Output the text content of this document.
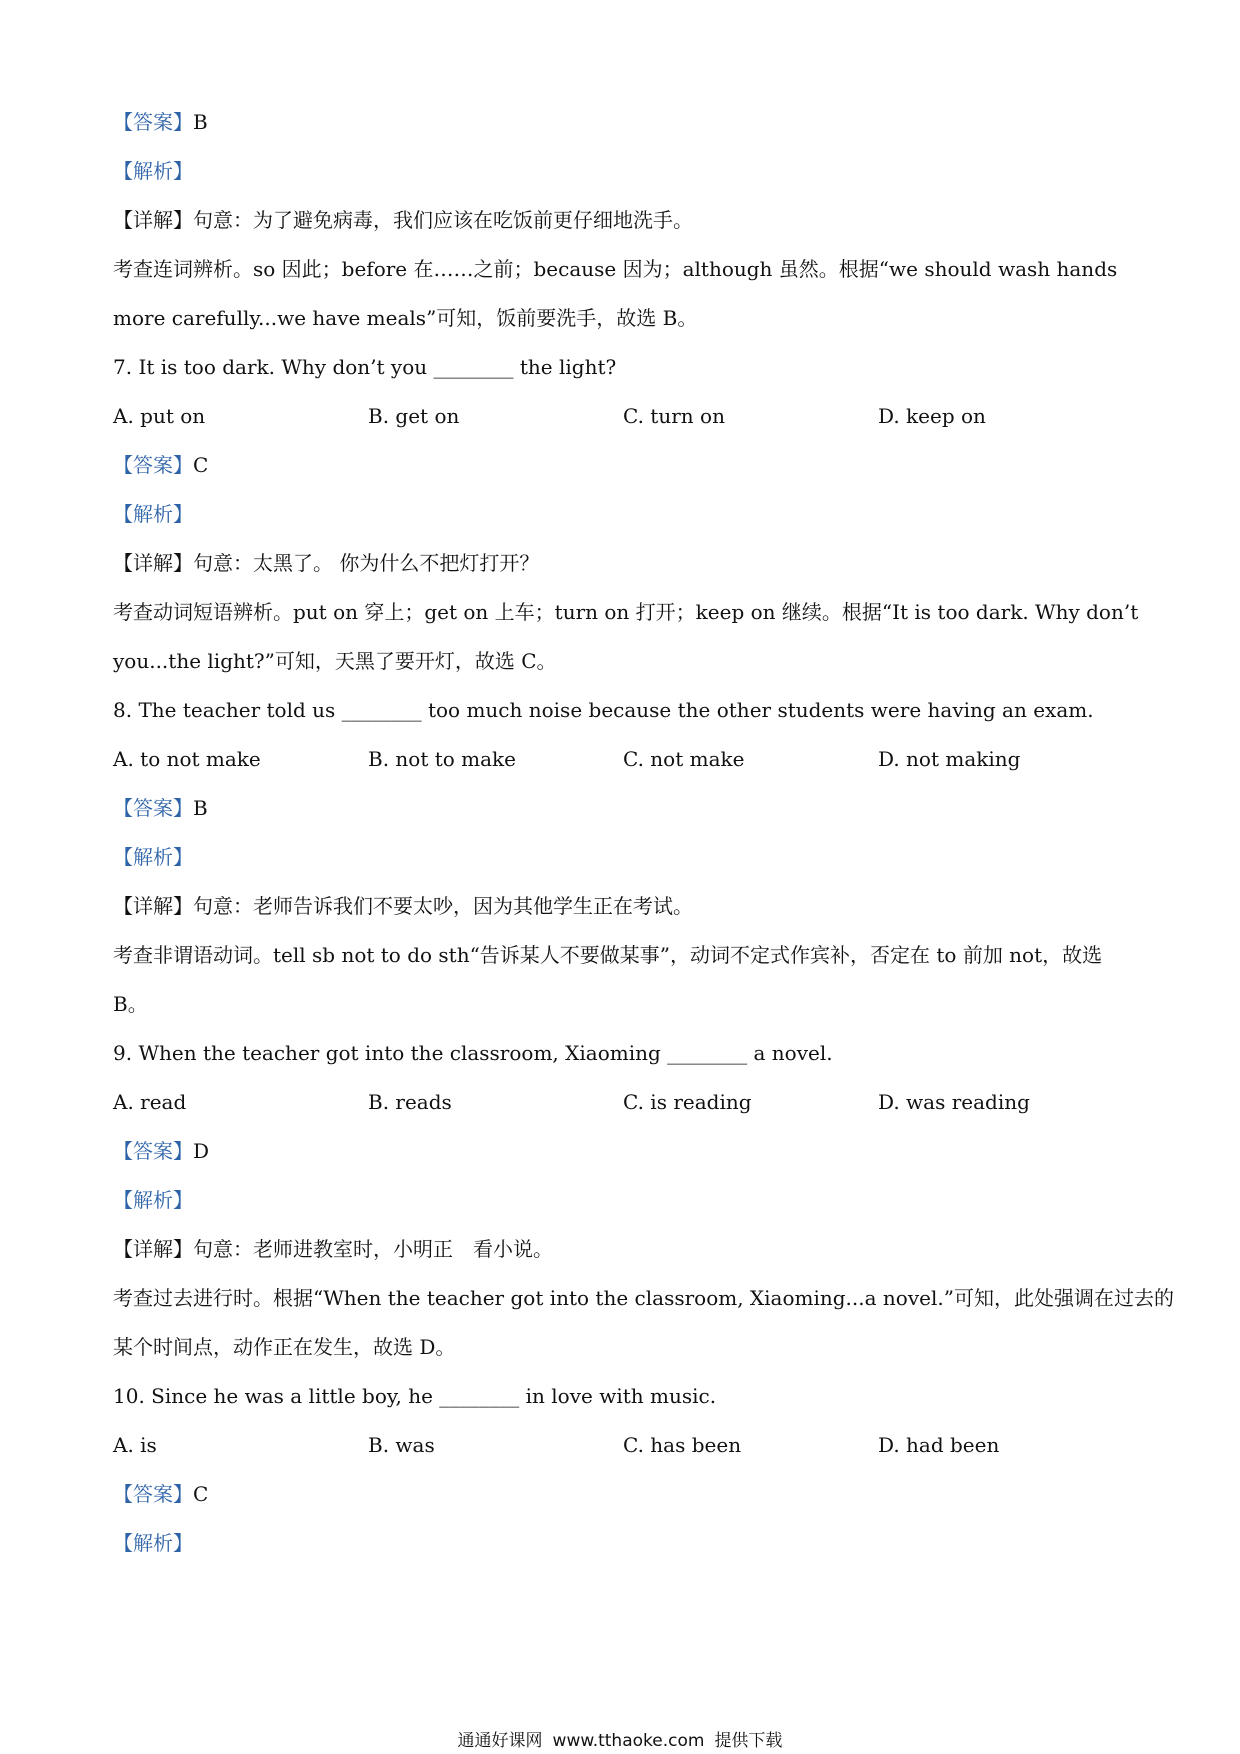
【答案】B
【解析】
【详解】句意：为了避免病毒，我们应该在吃饭前更仔细地洗手。
考查连词辨析。so 因此；before 在……之前；because 因为；although 虽然。根据“we should wash hands
more carefully...we have meals”可知，饭前要洗手，故选 B。
7. It is too dark. Why don’t you ________ the light?
A. put on	B. get on	C. turn on	D. keep on
【答案】C
【解析】
【详解】句意：太黑了。 你为什么不把灯打开？
考查动词短语辨析。put on 穿上；get on 上车；turn on 打开；keep on 继续。根据“It is too dark. Why don’t
you...the light?”可知，天黑了要开灯，故选 C。
8. The teacher told us ________ too much noise because the other students were having an exam.
A. to not make	B. not to make	C. not make	D. not making
【答案】B
【解析】
【详解】句意：老师告诉我们不要太吵，因为其他学生正在考试。
考查非谓语动词。tell sb not to do sth“告诉某人不要做某事”，动词不定式作宾补，否定在 to 前加 not，故选
B。
9. When the teacher got into the classroom, Xiaoming ________ a novel.
A. read	B. reads	C. is reading	D. was reading
【答案】D
【解析】
【详解】句意：老师进教室时，小明正　看小说。
考查过去进行时。根据“When the teacher got into the classroom, Xiaoming...a novel.”可知，此处强调在过去的
某个时间点，动作正在发生，故选 D。
10. Since he was a little boy, he ________ in love with music.
A. is	B. was	C. has been	D. had been
【答案】C
【解析】
通通好课网 www.tthaoke.com 提供下载
